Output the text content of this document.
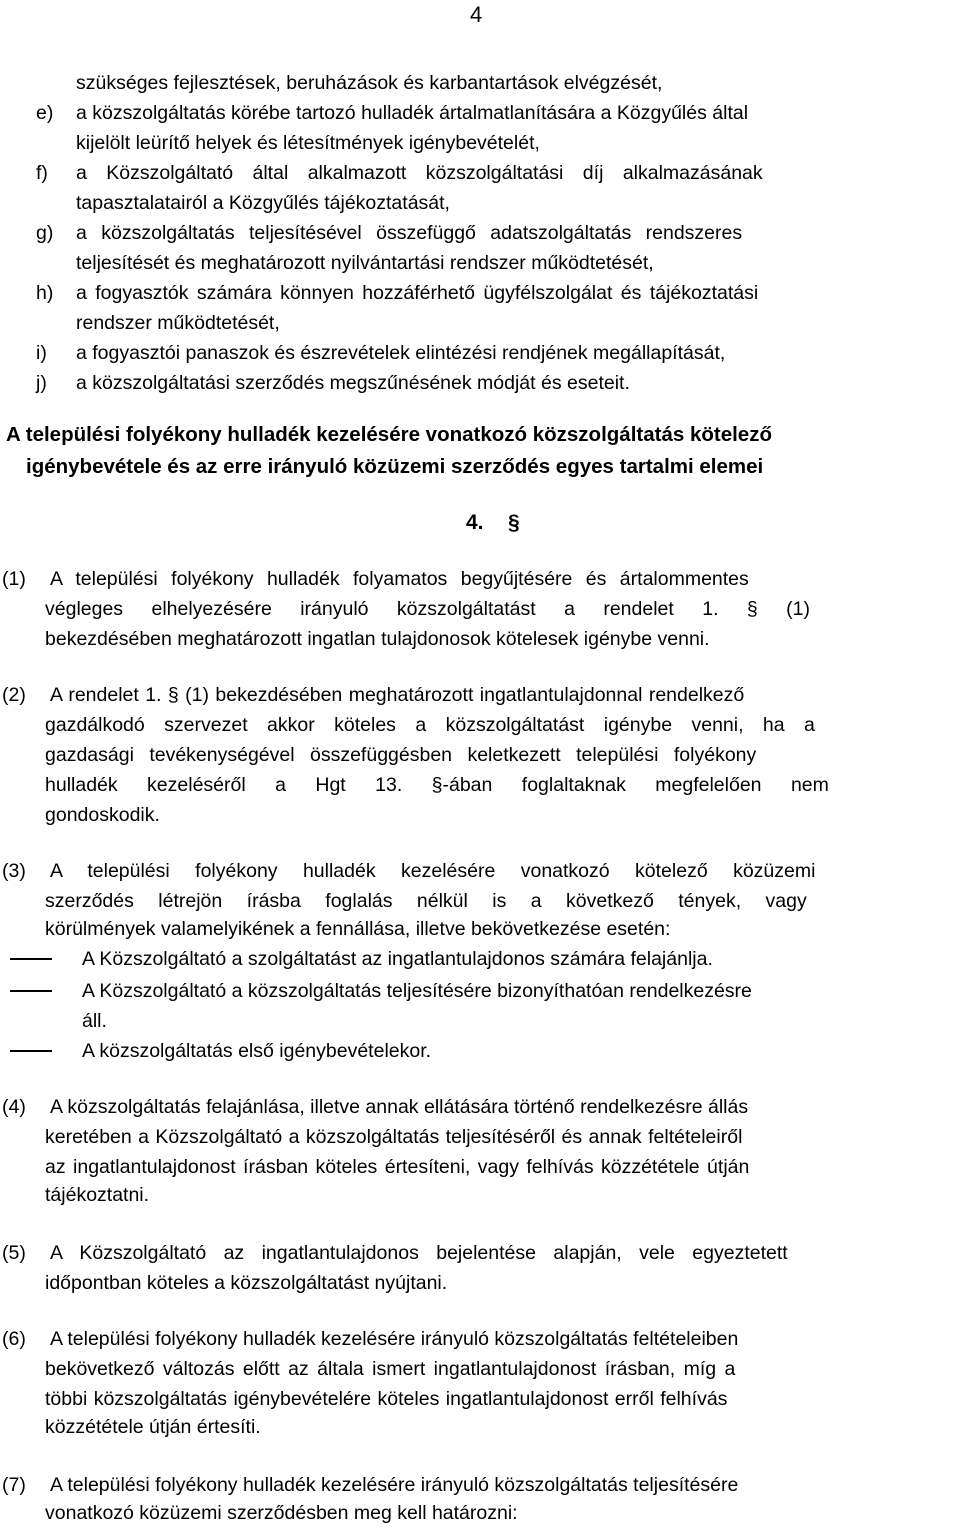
4
szükséges fejlesztések, beruházások és karbantartások elvégzését,
e) a közszolgáltatás körébe tartozó hulladék ártalmatlanítására a Közgyűlés által
kijelölt leürítő helyek és létesítmények igénybevételét,
f) a Közszolgáltató által alkalmazott közszolgáltatási díj alkalmazásának
tapasztalatairól a Közgyűlés tájékoztatását,
g) a közszolgáltatás teljesítésével összefüggő adatszolgáltatás rendszeres
teljesítését és meghatározott nyilvántartási rendszer működtetését,
h) a fogyasztók számára könnyen hozzáférhető ügyfélszolgálat és tájékoztatási
rendszer működtetését,
i) a fogyasztói panaszok és észrevételek elintézési rendjének megállapítását,
j) a közszolgáltatási szerződés megszűnésének módját és eseteit.
A települési folyékony hulladék kezelésére vonatkozó közszolgáltatás kötelező
igénybevétele és az erre irányuló közüzemi szerződés egyes tartalmi elemei
4. §
(1) A települési folyékony hulladék folyamatos begyűjtésére és ártalommentes
végleges elhelyezésére irányuló közszolgáltatást a rendelet 1. § (1)
bekezdésében meghatározott ingatlan tulajdonosok kötelesek igénybe venni.
(2) A rendelet 1. § (1) bekezdésében meghatározott ingatlantulajdonnal rendelkező
gazdálkodó szervezet akkor köteles a közszolgáltatást igénybe venni, ha a
gazdasági tevékenységével összefüggésben keletkezett települési folyékony
hulladék kezeléséről a Hgt 13. §-ában foglaltaknak megfelelően nem
gondoskodik.
(3) A települési folyékony hulladék kezelésére vonatkozó kötelező közüzemi
szerződés létrejön írásba foglalás nélkül is a következő tények, vagy
körülmények valamelyikének a fennállása, illetve bekövetkezése esetén:
A Közszolgáltató a szolgáltatást az ingatlantulajdonos számára felajánlja.
A Közszolgáltató a közszolgáltatás teljesítésére bizonyíthatóan rendelkezésre
áll.
A közszolgáltatás első igénybevételekor.
(4) A közszolgáltatás felajánlása, illetve annak ellátására történő rendelkezésre állás
keretében a Közszolgáltató a közszolgáltatás teljesítéséről és annak feltételeiről
az ingatlantulajdonost írásban köteles értesíteni, vagy felhívás közzététele útján
tájékoztatni.
(5) A Közszolgáltató az ingatlantulajdonos bejelentése alapján, vele egyeztetett
időpontban köteles a közszolgáltatást nyújtani.
(6) A települési folyékony hulladék kezelésére irányuló közszolgáltatás feltételeiben
bekövetkező változás előtt az általa ismert ingatlantulajdonost írásban, míg a
többi közszolgáltatás igénybevételére köteles ingatlantulajdonost erről felhívás
közzététele útján értesíti.
(7) A települési folyékony hulladék kezelésére irányuló közszolgáltatás teljesítésére
vonatkozó közüzemi szerződésben meg kell határozni:
